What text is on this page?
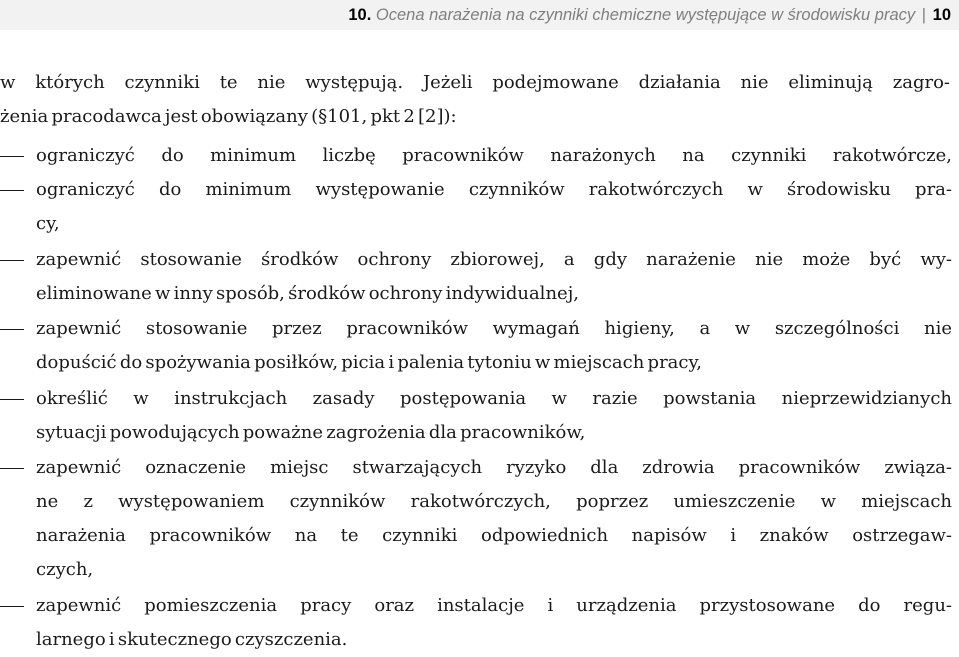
10. Ocena narażenia na czynniki chemiczne występujące w środowisku pracy | 10
w których czynniki te nie występują. Jeżeli podejmowane działania nie eliminują zagro-
żenia pracodawca jest obowiązany (§101, pkt 2 [2]):
ograniczyć do minimum liczbę pracowników narażonych na czynniki rakotwórcze,
ograniczyć do minimum występowanie czynników rakotwórczych w środowisku pra-
cy,
zapewnić stosowanie środków ochrony zbiorowej, a gdy narażenie nie może być wy-
eliminowane w inny sposób, środków ochrony indywidualnej,
zapewnić stosowanie przez pracowników wymagań higieny, a w szczególności nie
dopuścić do spożywania posiłków, picia i palenia tytoniu w miejscach pracy,
określić w instrukcjach zasady postępowania w razie powstania nieprzewidzianych
sytuacji powodujących poważne zagrożenia dla pracowników,
zapewnić oznaczenie miejsc stwarzających ryzyko dla zdrowia pracowników związa-
ne z występowaniem czynników rakotwórczych, poprzez umieszczenie w miejscach
narażenia pracowników na te czynniki odpowiednich napisów i znaków ostrzegaw-
czych,
zapewnić pomieszczenia pracy oraz instalacje i urządzenia przystosowane do regu-
larnego i skutecznego czyszczenia.
